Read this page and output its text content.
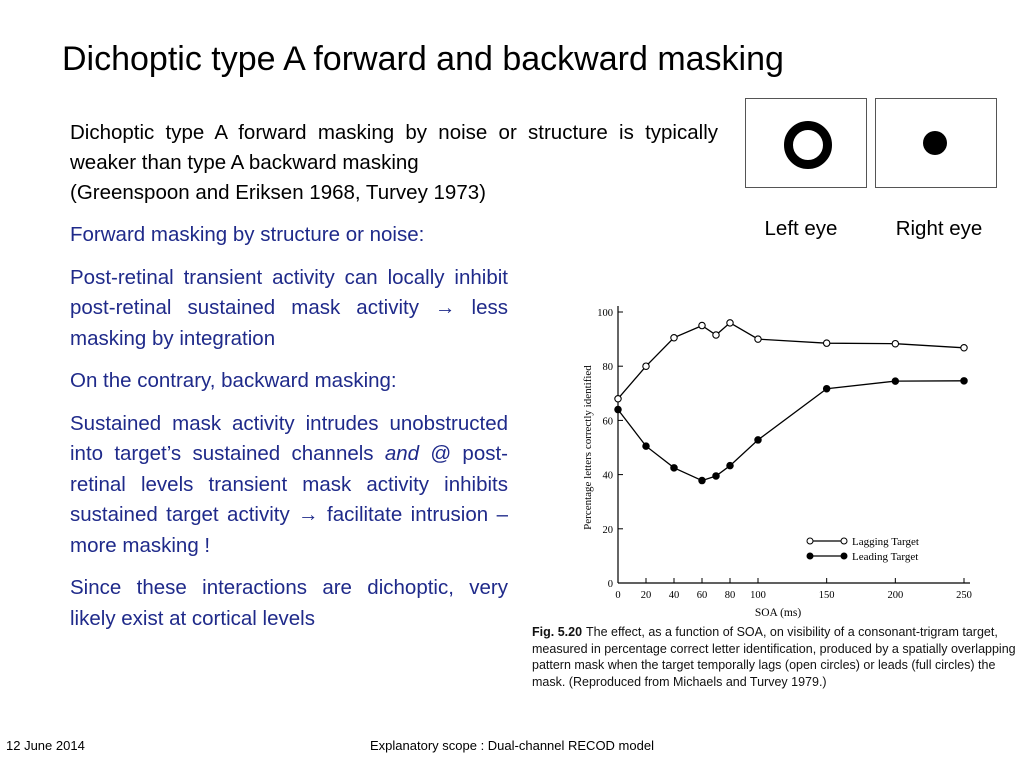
Dichoptic type A forward and backward masking
Dichoptic type A forward masking by noise or structure is typically weaker than type A backward masking
(Greenspoon and Eriksen 1968, Turvey 1973)
Left eye	Right eye

Forward masking by structure or noise:

Post-retinal transient activity can locally inhibit post-retinal sustained mask activity → less masking by integration

On the contrary, backward masking:

Sustained mask activity intrudes unobstructed into target’s sustained channels and @ post-retinal levels transient mask activity inhibits sustained target activity → facilitate intrusion – more masking !

Since these interactions are dichoptic, very likely exist at cortical levels

0
20
40
60
80
100
0 20 40 60 80 100	150	200	250
SOA (ms)
Percentage letters correctly identified
Lagging Target
Leading Target
Fig. 5.20 The effect, as a function of SOA, on visibility of a consonant-trigram target, measured in percentage correct letter identification, produced by a spatially overlapping pattern mask when the target temporally lags (open circles) or leads (full circles) the mask. (Reproduced from Michaels and Turvey 1979.)
12 June 2014	Explanatory scope : Dual-channel RECOD model
